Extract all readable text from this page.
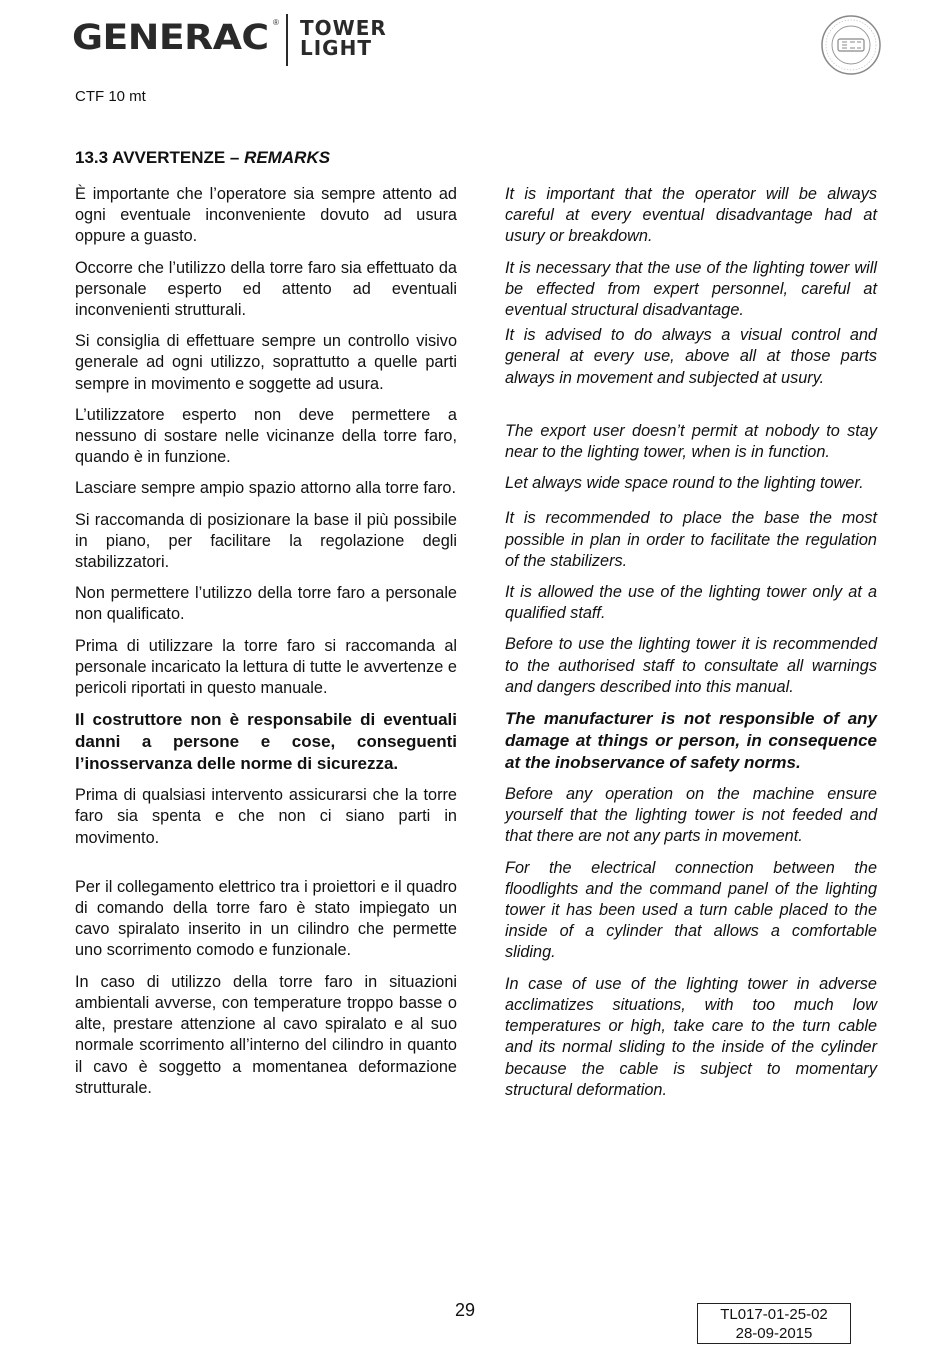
GENERAC ® TOWER
LIGHT
CTF 10 mt
13.3 AVVERTENZE – REMARKS

È importante che l’operatore sia sempre attento ad ogni eventuale inconveniente dovuto ad usura oppure a guasto.

Occorre che l’utilizzo della torre faro sia effettuato da personale esperto ed attento ad eventuali inconvenienti strutturali.

Si consiglia di effettuare sempre un controllo visivo generale ad ogni utilizzo, soprattutto a quelle parti sempre in movimento e soggette ad usura.

L’utilizzatore esperto non deve permettere a nessuno di sostare nelle vicinanze della torre faro, quando è in funzione.

Lasciare sempre ampio spazio attorno alla torre faro.

Si raccomanda di posizionare la base il più possibile in piano, per facilitare la regolazione degli stabilizzatori.

Non permettere l’utilizzo della torre faro a personale non qualificato.

Prima di utilizzare la torre faro si raccomanda al personale incaricato la lettura di tutte le avvertenze e pericoli riportati in questo manuale.

Il costruttore non è responsabile di eventuali danni a persone e cose, conseguenti l’inosservanza delle norme di sicurezza.

Prima di qualsiasi intervento assicurarsi che la torre faro sia spenta e che non ci siano parti in movimento.

Per il collegamento elettrico tra i proiettori e il quadro di comando della torre faro è stato impiegato un cavo spiralato inserito in un cilindro che permette uno scorrimento comodo e funzionale.

In caso di utilizzo della torre faro in situazioni ambientali avverse, con temperature troppo basse o alte, prestare attenzione al cavo spiralato e al suo normale scorrimento all’interno del cilindro in quanto il cavo è soggetto a momentanea deformazione strutturale.

It is important that the operator will be always careful at every eventual disadvantage had at usury or breakdown.

It is necessary that the use of the lighting tower will be effected from expert personnel, careful at eventual structural disadvantage.

It is advised to do always a visual control and general at every use, above all at those parts always in movement and subjected at usury.

The export user doesn’t permit at nobody to stay near to the lighting tower, when is in function.

Let always wide space round to the lighting tower.

It is recommended to place the base the most possible in plan in order to facilitate the regulation of the stabilizers.

It is allowed the use of the lighting tower only at a qualified staff.

Before to use the lighting tower it is recommended to the authorised staff to consultate all warnings and dangers described into this manual.

The manufacturer is not responsible of any damage at things or person, in consequence at the inobservance of safety norms.

Before any operation on the machine ensure yourself that the lighting tower is not feeded and that there are not any parts in movement.

For the electrical connection between the floodlights and the command panel of the lighting tower it has been used a turn cable placed to the inside of a cylinder that allows a comfortable sliding.

In case of use of the lighting tower in adverse acclimatizes situations, with too much low temperatures or high, take care to the turn cable and its normal sliding to the inside of the cylinder because the cable is subject to momentary structural deformation.

29	TL017-01-25-02
28-09-2015
